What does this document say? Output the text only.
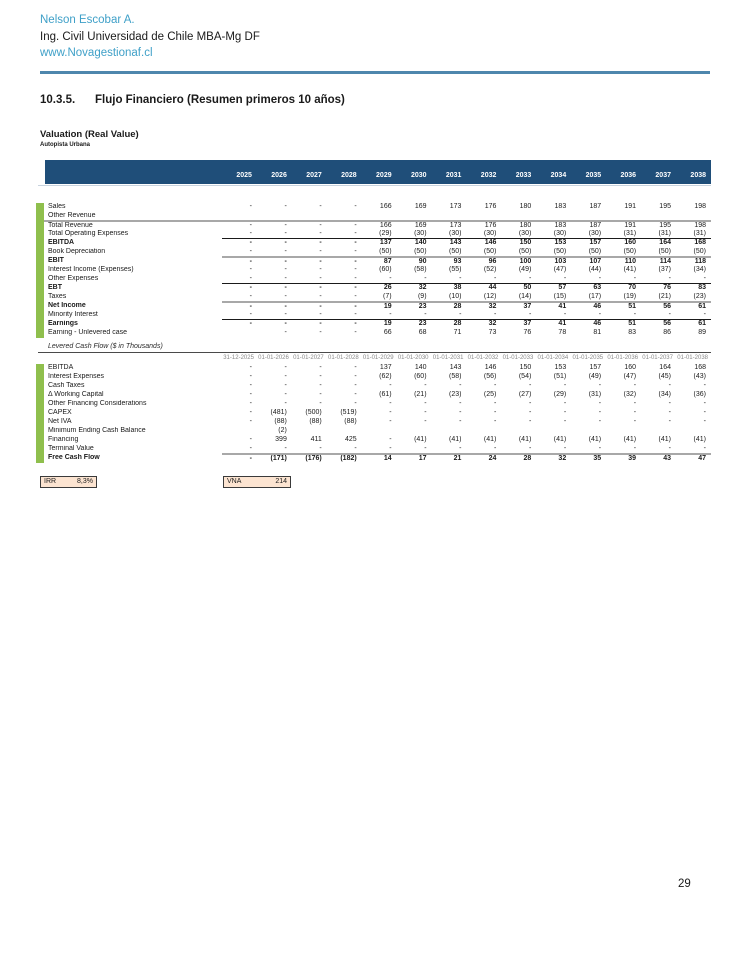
Nelson Escobar A.
Ing. Civil Universidad de Chile MBA-Mg DF
www.Novagestionaf.cl
10.3.5.	Flujo Financiero (Resumen primeros 10 años)
Valuation (Real Value)
Autopista Urbana
	2025	2026	2027	2028	2029	2030	2031	2032	2033	2034	2035	2036	2037	2038
Sales	-	-	-	-	166	169	173	176	180	183	187	191	195	198
Other Revenue														
Total Revenue	-	-	-	-	166	169	173	176	180	183	187	191	195	198
Total Operating Expenses	-	-	-	-	(29)	(30)	(30)	(30)	(30)	(30)	(30)	(31)	(31)	(31)
EBITDA	-	-	-	-	137	140	143	146	150	153	157	160	164	168
Book Depreciation	-	-	-	-	(50)	(50)	(50)	(50)	(50)	(50)	(50)	(50)	(50)	(50)
EBIT	-	-	-	-	87	90	93	96	100	103	107	110	114	118
Interest Income (Expenses)	-	-	-	-	(60)	(58)	(55)	(52)	(49)	(47)	(44)	(41)	(37)	(34)
Other Expenses	-	-	-	-	-	-	-	-	-	-	-	-	-	-
EBT	-	-	-	-	26	32	38	44	50	57	63	70	76	83
Taxes	-	-	-	-	(7)	(9)	(10)	(12)	(14)	(15)	(17)	(19)	(21)	(23)
Net Income	-	-	-	-	19	23	28	32	37	41	46	51	56	61
Minority Interest	-	-	-	-	-	-	-	-	-	-	-	-	-	-
Earnings	-	-	-	-	19	23	28	32	37	41	46	51	56	61
Earning - Unlevered case		-	-	-	66	68	71	73	76	78	81	83	86	89
Levered Cash Flow ($ in Thousands)
	31-12-2025	01-01-2026	01-01-2027	01-01-2028	01-01-2029	01-01-2030	01-01-2031	01-01-2032	01-01-2033	01-01-2034	01-01-2035	01-01-2036	01-01-2037	01-01-2038
EBITDA	-	-	-	-	137	140	143	146	150	153	157	160	164	168
Interest Expenses	-	-	-	-	(62)	(60)	(58)	(56)	(54)	(51)	(49)	(47)	(45)	(43)
Cash Taxes	-	-	-	-	-	-	-	-	-	-	-	-	-	-
Δ Working Capital	-	-	-	-	(61)	(21)	(23)	(25)	(27)	(29)	(31)	(32)	(34)	(36)
Other Financing Considerations	-	-	-	-	-	-	-	-	-	-	-	-	-	-
CAPEX	-	(481)	(500)	(519)	-	-	-	-	-	-	-	-	-	-
Net IVA	-	(88)	(88)	(88)	-	-	-	-	-	-	-	-	-	-
Minimum Ending Cash Balance		(2)												
Financing	-	399	411	425	-	(41)	(41)	(41)	(41)	(41)	(41)	(41)	(41)	(41)
Terminal Value	-	-	-	-	-	-	-	-	-	-	-	-	-	-
Free Cash Flow	-	(171)	(176)	(182)	14	17	21	24	28	32	35	39	43	47
IRR	8,3%	VNA	214
29
